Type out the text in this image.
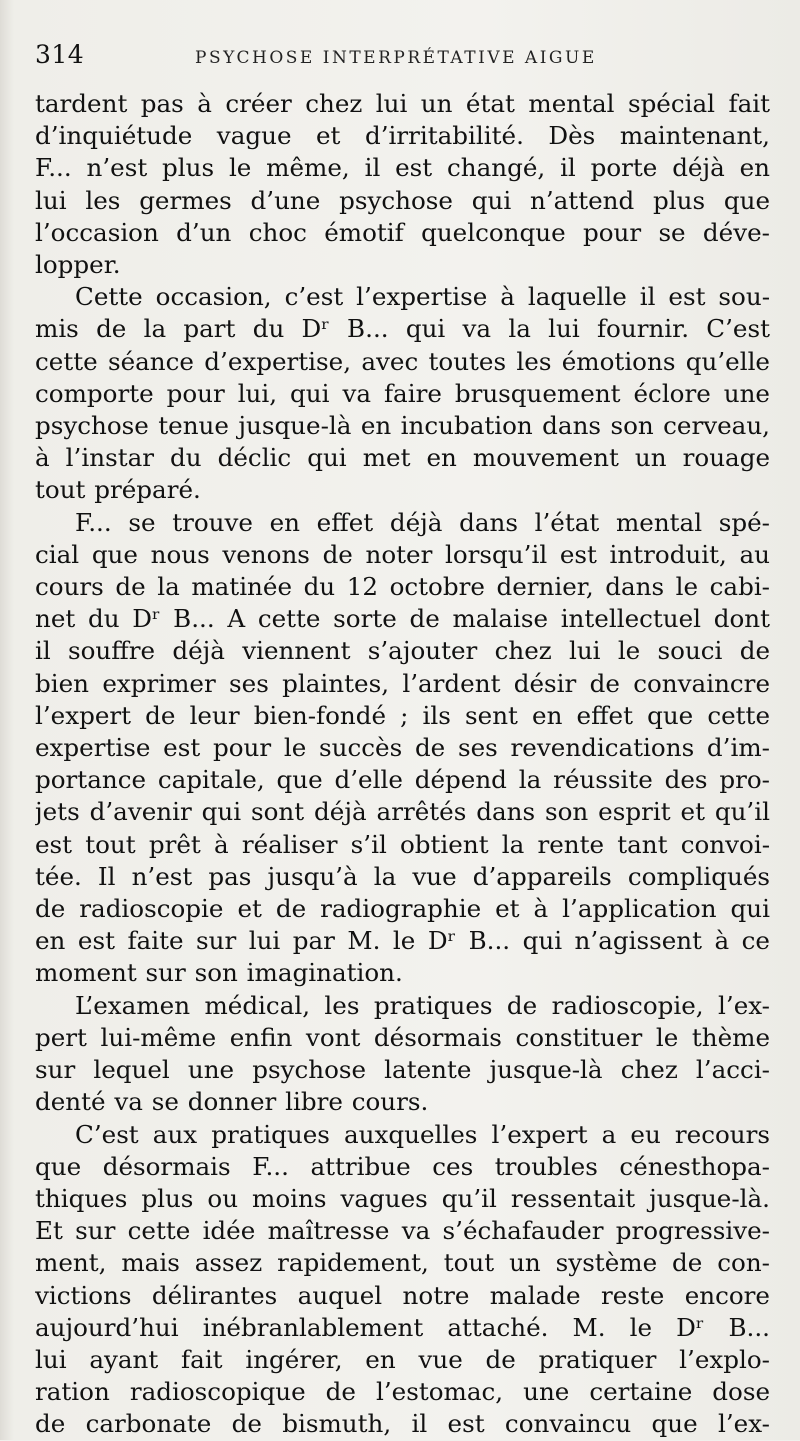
314	PSYCHOSE INTERPRÉTATIVE AIGUE
tardent pas à créer chez lui un état mental spécial fait
d’inquiétude vague et d’irritabilité. Dès maintenant,
F... n’est plus le même, il est changé, il porte déjà en
lui les germes d’une psychose qui n’attend plus que
l’occasion d’un choc émotif quelconque pour se déve-
lopper.
Cette occasion, c’est l’expertise à laquelle il est sou-
mis de la part du Dʳ B... qui va la lui fournir. C’est
cette séance d’expertise, avec toutes les émotions qu’elle
comporte pour lui, qui va faire brusquement éclore une
psychose tenue jusque-là en incubation dans son cerveau,
à l’instar du déclic qui met en mouvement un rouage
tout préparé.
F... se trouve en effet déjà dans l’état mental spé-
cial que nous venons de noter lorsqu’il est introduit, au
cours de la matinée du 12 octobre dernier, dans le cabi-
net du Dʳ B... A cette sorte de malaise intellectuel dont
il souffre déjà viennent s’ajouter chez lui le souci de
bien exprimer ses plaintes, l’ardent désir de convaincre
l’expert de leur bien-fondé ; ils sent en effet que cette
expertise est pour le succès de ses revendications d’im-
portance capitale, que d’elle dépend la réussite des pro-
jets d’avenir qui sont déjà arrêtés dans son esprit et qu’il
est tout prêt à réaliser s’il obtient la rente tant convoi-
tée. Il n’est pas jusqu’à la vue d’appareils compliqués
de radioscopie et de radiographie et à l’application qui
en est faite sur lui par M. le Dʳ B... qui n’agissent à ce
moment sur son imagination.
L’examen médical, les pratiques de radioscopie, l’ex-
pert lui-même enfin vont désormais constituer le thème
sur lequel une psychose latente jusque-là chez l’acci-
denté va se donner libre cours.
C’est aux pratiques auxquelles l’expert a eu recours
que désormais F... attribue ces troubles cénesthopa-
thiques plus ou moins vagues qu’il ressentait jusque-là.
Et sur cette idée maîtresse va s’échafauder progressive-
ment, mais assez rapidement, tout un système de con-
victions délirantes auquel notre malade reste encore
aujourd’hui inébranlablement attaché. M. le Dʳ B...
lui ayant fait ingérer, en vue de pratiquer l’explo-
ration radioscopique de l’estomac, une certaine dose
de carbonate de bismuth, il est convaincu que l’ex-
